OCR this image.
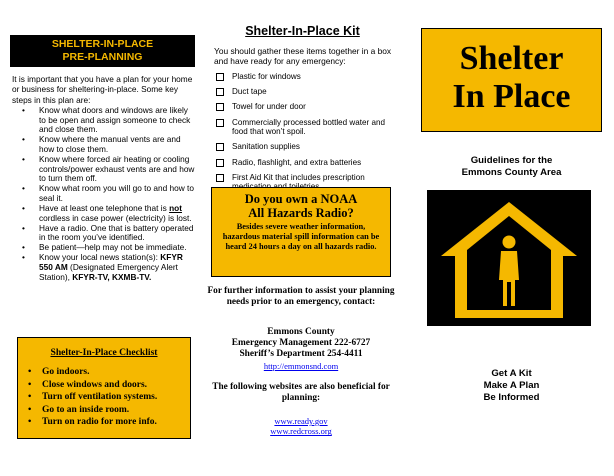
SHELTER-IN-PLACE
PRE-PLANNING
It is important that you have a plan for your home or business for sheltering-in-place. Some key steps in this plan are:
• Know what doors and windows are likely to be open and assign someone to check and close them.
• Know where the manual vents are and how to close them.
• Know where forced air heating or cooling controls/power exhaust vents are and how to turn them off.
• Know what room you will go to and how to seal it.
• Have at least one telephone that is not cordless in case power (electricity) is lost.
• Have a radio. One that is battery operated in the room you’ve identified.
• Be patient—help may not be immediate.
• Know your local news station(s): KFYR 550 AM (Designated Emergency Alert Station), KFYR-TV, KXMB-TV.
Shelter-In-Place Checklist
• Go indoors.
• Close windows and doors.
• Turn off ventilation systems.
• Go to an inside room.
• Turn on radio for more info.
Shelter-In-Place Kit
You should gather these items together in a box and have ready for any emergency:
Plastic for windows
Duct tape
Towel for under door
Commercially processed bottled water and food that won’t spoil.
Sanitation supplies
Radio, flashlight, and extra batteries
First Aid Kit that includes prescription
Do you own a NOAA
All Hazards Radio?
Besides severe weather information, hazardous material spill information can be heard 24 hours a day on all hazards radio.
For further information to assist your planning needs prior to an emergency, contact:
Emmons County
Emergency Management 222-6727
Sheriff’s Department 254-4411
http://emmonsnd.com
The following websites are also beneficial for planning:
www.ready.gov
www.redcross.org
Shelter
In Place
Guidelines for the
Emmons County Area
Get A Kit
Make A Plan
Be Informed
